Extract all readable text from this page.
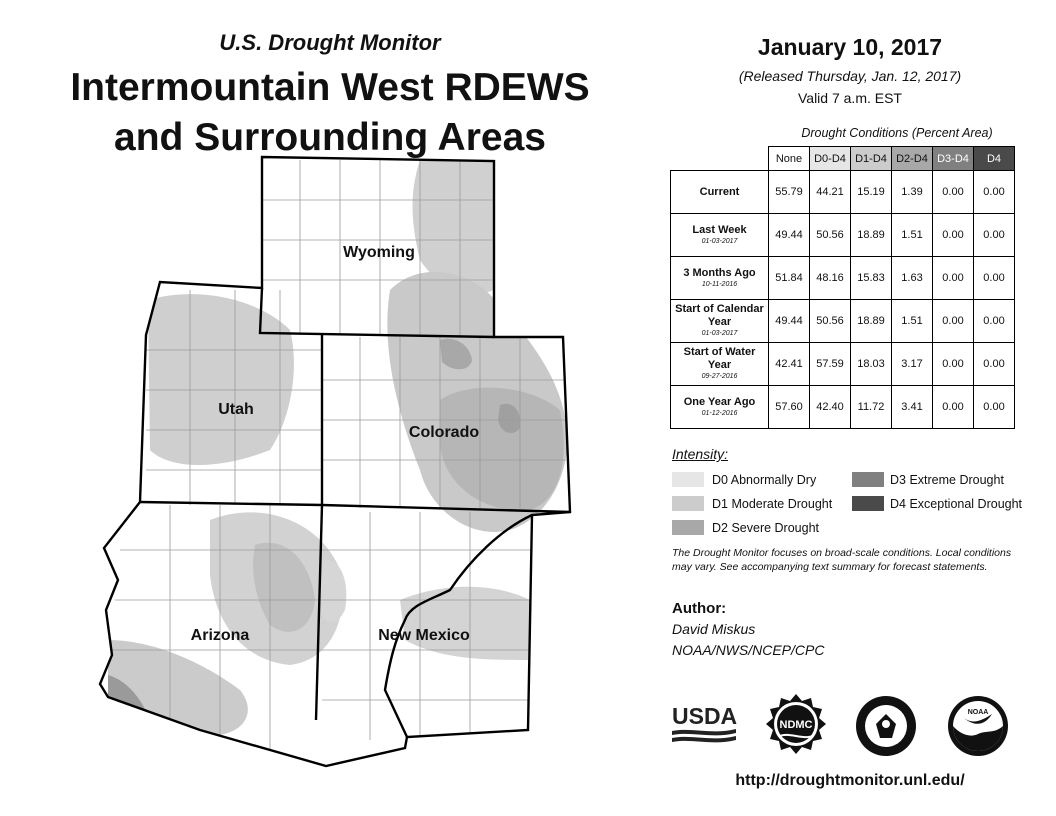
U.S. Drought Monitor
Intermountain West RDEWS
and Surrounding Areas
Wyoming
Utah
Colorado
Arizona	New Mexico
January 10, 2017
(Released Thursday, Jan. 12, 2017)
Valid 7 a.m. EST
Drought Conditions (Percent Area)
	None	D0-D4	D1-D4	D2-D4	D3-D4	D4
Current	55.79	44.21	15.19	1.39	0.00	0.00
Last Week
01-03-2017	49.44	50.56	18.89	1.51	0.00	0.00
3 Months Ago
10-11-2016	51.84	48.16	15.83	1.63	0.00	0.00
Start of Calendar Year
01-03-2017	49.44	50.56	18.89	1.51	0.00	0.00
Start of Water Year
09-27-2016	42.41	57.59	18.03	3.17	0.00	0.00
One Year Ago
01-12-2016	57.60	42.40	11.72	3.41	0.00	0.00
Intensity:
D0 Abnormally Dry
D1 Moderate Drought
D2 Severe Drought
D3 Extreme Drought
D4 Exceptional Drought
The Drought Monitor focuses on broad-scale conditions. Local conditions may vary. See accompanying text summary for forecast statements.
Author:
David Miskus
NOAA/NWS/NCEP/CPC
USDA	NDMC
NOAA
http://droughtmonitor.unl.edu/
